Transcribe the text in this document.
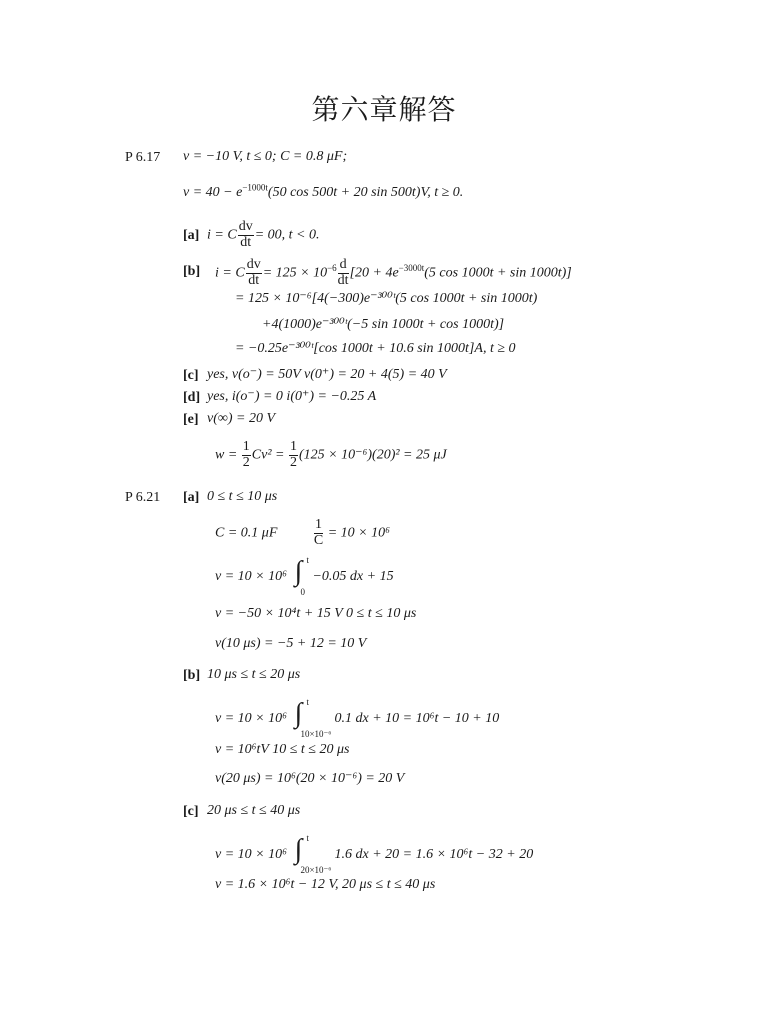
第六章解答
P 6.17 v = −10 V, t ≤ 0; C = 0.8 μF;
$v = 40 - e^{-1000t}(50$ cos 500t + 20 sin 500t)V, t ≥ 0.
[a] i = C $\frac{dv}{dt} = 00$, t < 0.
[b] i = C $\frac{dv}{dt} = 125 \times 10^{-6} \frac{d}{dt} [20 + 4e^{-3000t}(5$ cos 1000t + sin 1000t)]
= 125 × 10⁻⁶[4(−300)e⁻³⁰⁰ᵗ(5 cos 1000t + sin 1000t)
+4(1000)e⁻³⁰⁰ᵗ(−5 sin 1000t + cos 1000t)]
= −0.25e⁻³⁰⁰ᵗ[cos 1000t + 10.6 sin 1000t]A, t ≥ 0
[c] yes, v(o⁻) = 50V v(0⁺) = 20 + 4(5) = 40 V
[d] yes, i(o⁻) = 0 i(0⁺) = −0.25 A
[e] v(∞) = 20 V
$w = \frac{1}{2} Cv^2 = \frac{1}{2} (125 \times 10^{-6})(20)^2 = 25$ μJ
P 6.21 [a] 0 ≤ t ≤ 10 μs
C = 0.1 μF	$\frac{1}{C} = 10 \times 10^6$
v = 10 × 10⁶ ∫ t
0
−0.05 dx + 15
v = −50 × 10⁴t + 15 V 0 ≤ t ≤ 10 μs
v(10 μs) = −5 + 12 = 10 V
[b] 10 μs ≤ t ≤ 20 μs
v = 10 × 10⁶ ∫ t
10×10⁻⁶
0.1 dx + 10 = 10⁶t − 10 + 10
v = 10⁶tV 10 ≤ t ≤ 20 μs
v(20 μs) = 10⁶(20 × 10⁻⁶) = 20 V
[c] 20 μs ≤ t ≤ 40 μs
v = 10 × 10⁶ ∫ t
20×10⁻⁶
1.6 dx + 20 = 1.6 × 10⁶t − 32 + 20
v = 1.6 × 10⁶t − 12 V, 20 μs ≤ t ≤ 40 μs
